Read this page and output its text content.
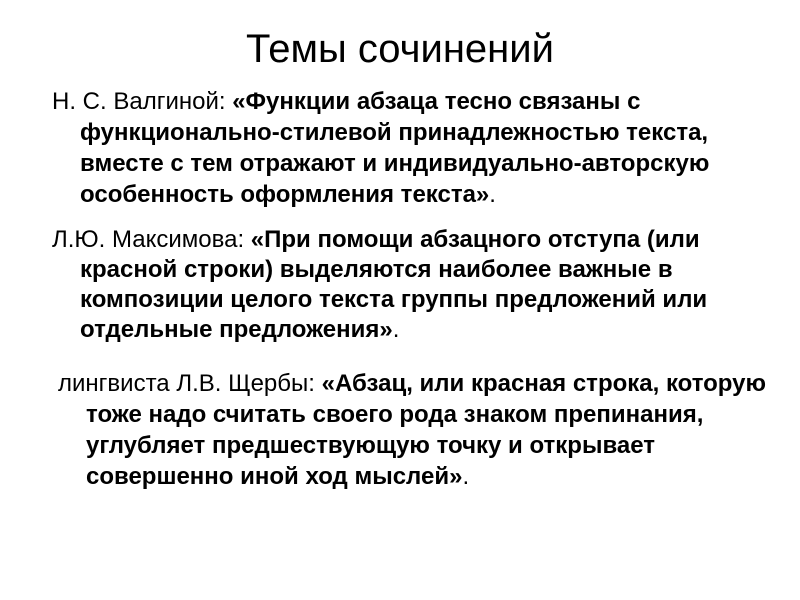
Темы сочинений

Н. С. Валгиной: «Функции абзаца тесно связаны с функционально-стилевой принадлежностью текста, вместе с тем отражают и индивидуально-авторскую особенность оформления текста».

Л.Ю. Максимова: «При помощи абзацного отступа (или красной строки) выделяются наиболее важные в композиции целого текста группы предложений или отдельные предложения».

лингвиста Л.В. Щербы: «Абзац, или красная строка, которую тоже надо считать своего рода знаком препинания, углубляет предшествующую точку и открывает совершенно иной ход мыслей».
